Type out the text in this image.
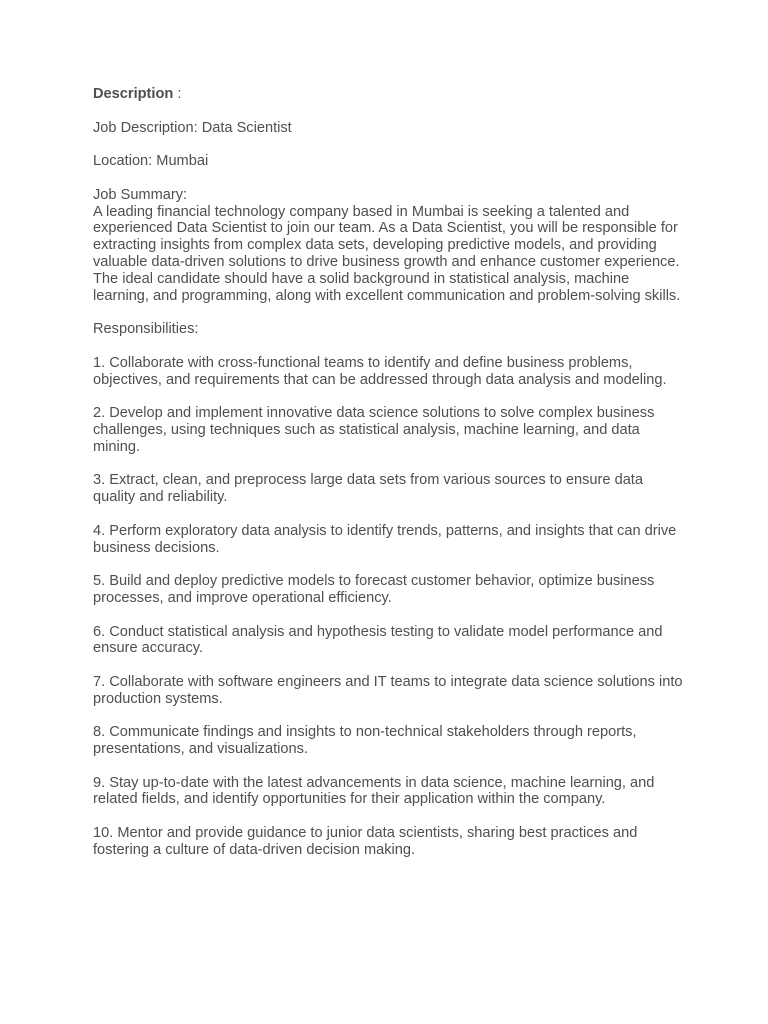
Description :

Job Description: Data Scientist

Location: Mumbai

Job Summary:
A leading financial technology company based in Mumbai is seeking a talented and experienced Data Scientist to join our team. As a Data Scientist, you will be responsible for extracting insights from complex data sets, developing predictive models, and providing valuable data-driven solutions to drive business growth and enhance customer experience. The ideal candidate should have a solid background in statistical analysis, machine learning, and programming, along with excellent communication and problem-solving skills.

Responsibilities:

1. Collaborate with cross-functional teams to identify and define business problems, objectives, and requirements that can be addressed through data analysis and modeling.

2. Develop and implement innovative data science solutions to solve complex business challenges, using techniques such as statistical analysis, machine learning, and data mining.

3. Extract, clean, and preprocess large data sets from various sources to ensure data quality and reliability.

4. Perform exploratory data analysis to identify trends, patterns, and insights that can drive business decisions.

5. Build and deploy predictive models to forecast customer behavior, optimize business processes, and improve operational efficiency.

6. Conduct statistical analysis and hypothesis testing to validate model performance and ensure accuracy.

7. Collaborate with software engineers and IT teams to integrate data science solutions into production systems.

8. Communicate findings and insights to non-technical stakeholders through reports, presentations, and visualizations.

9. Stay up-to-date with the latest advancements in data science, machine learning, and related fields, and identify opportunities for their application within the company.

10. Mentor and provide guidance to junior data scientists, sharing best practices and fostering a culture of data-driven decision making.
